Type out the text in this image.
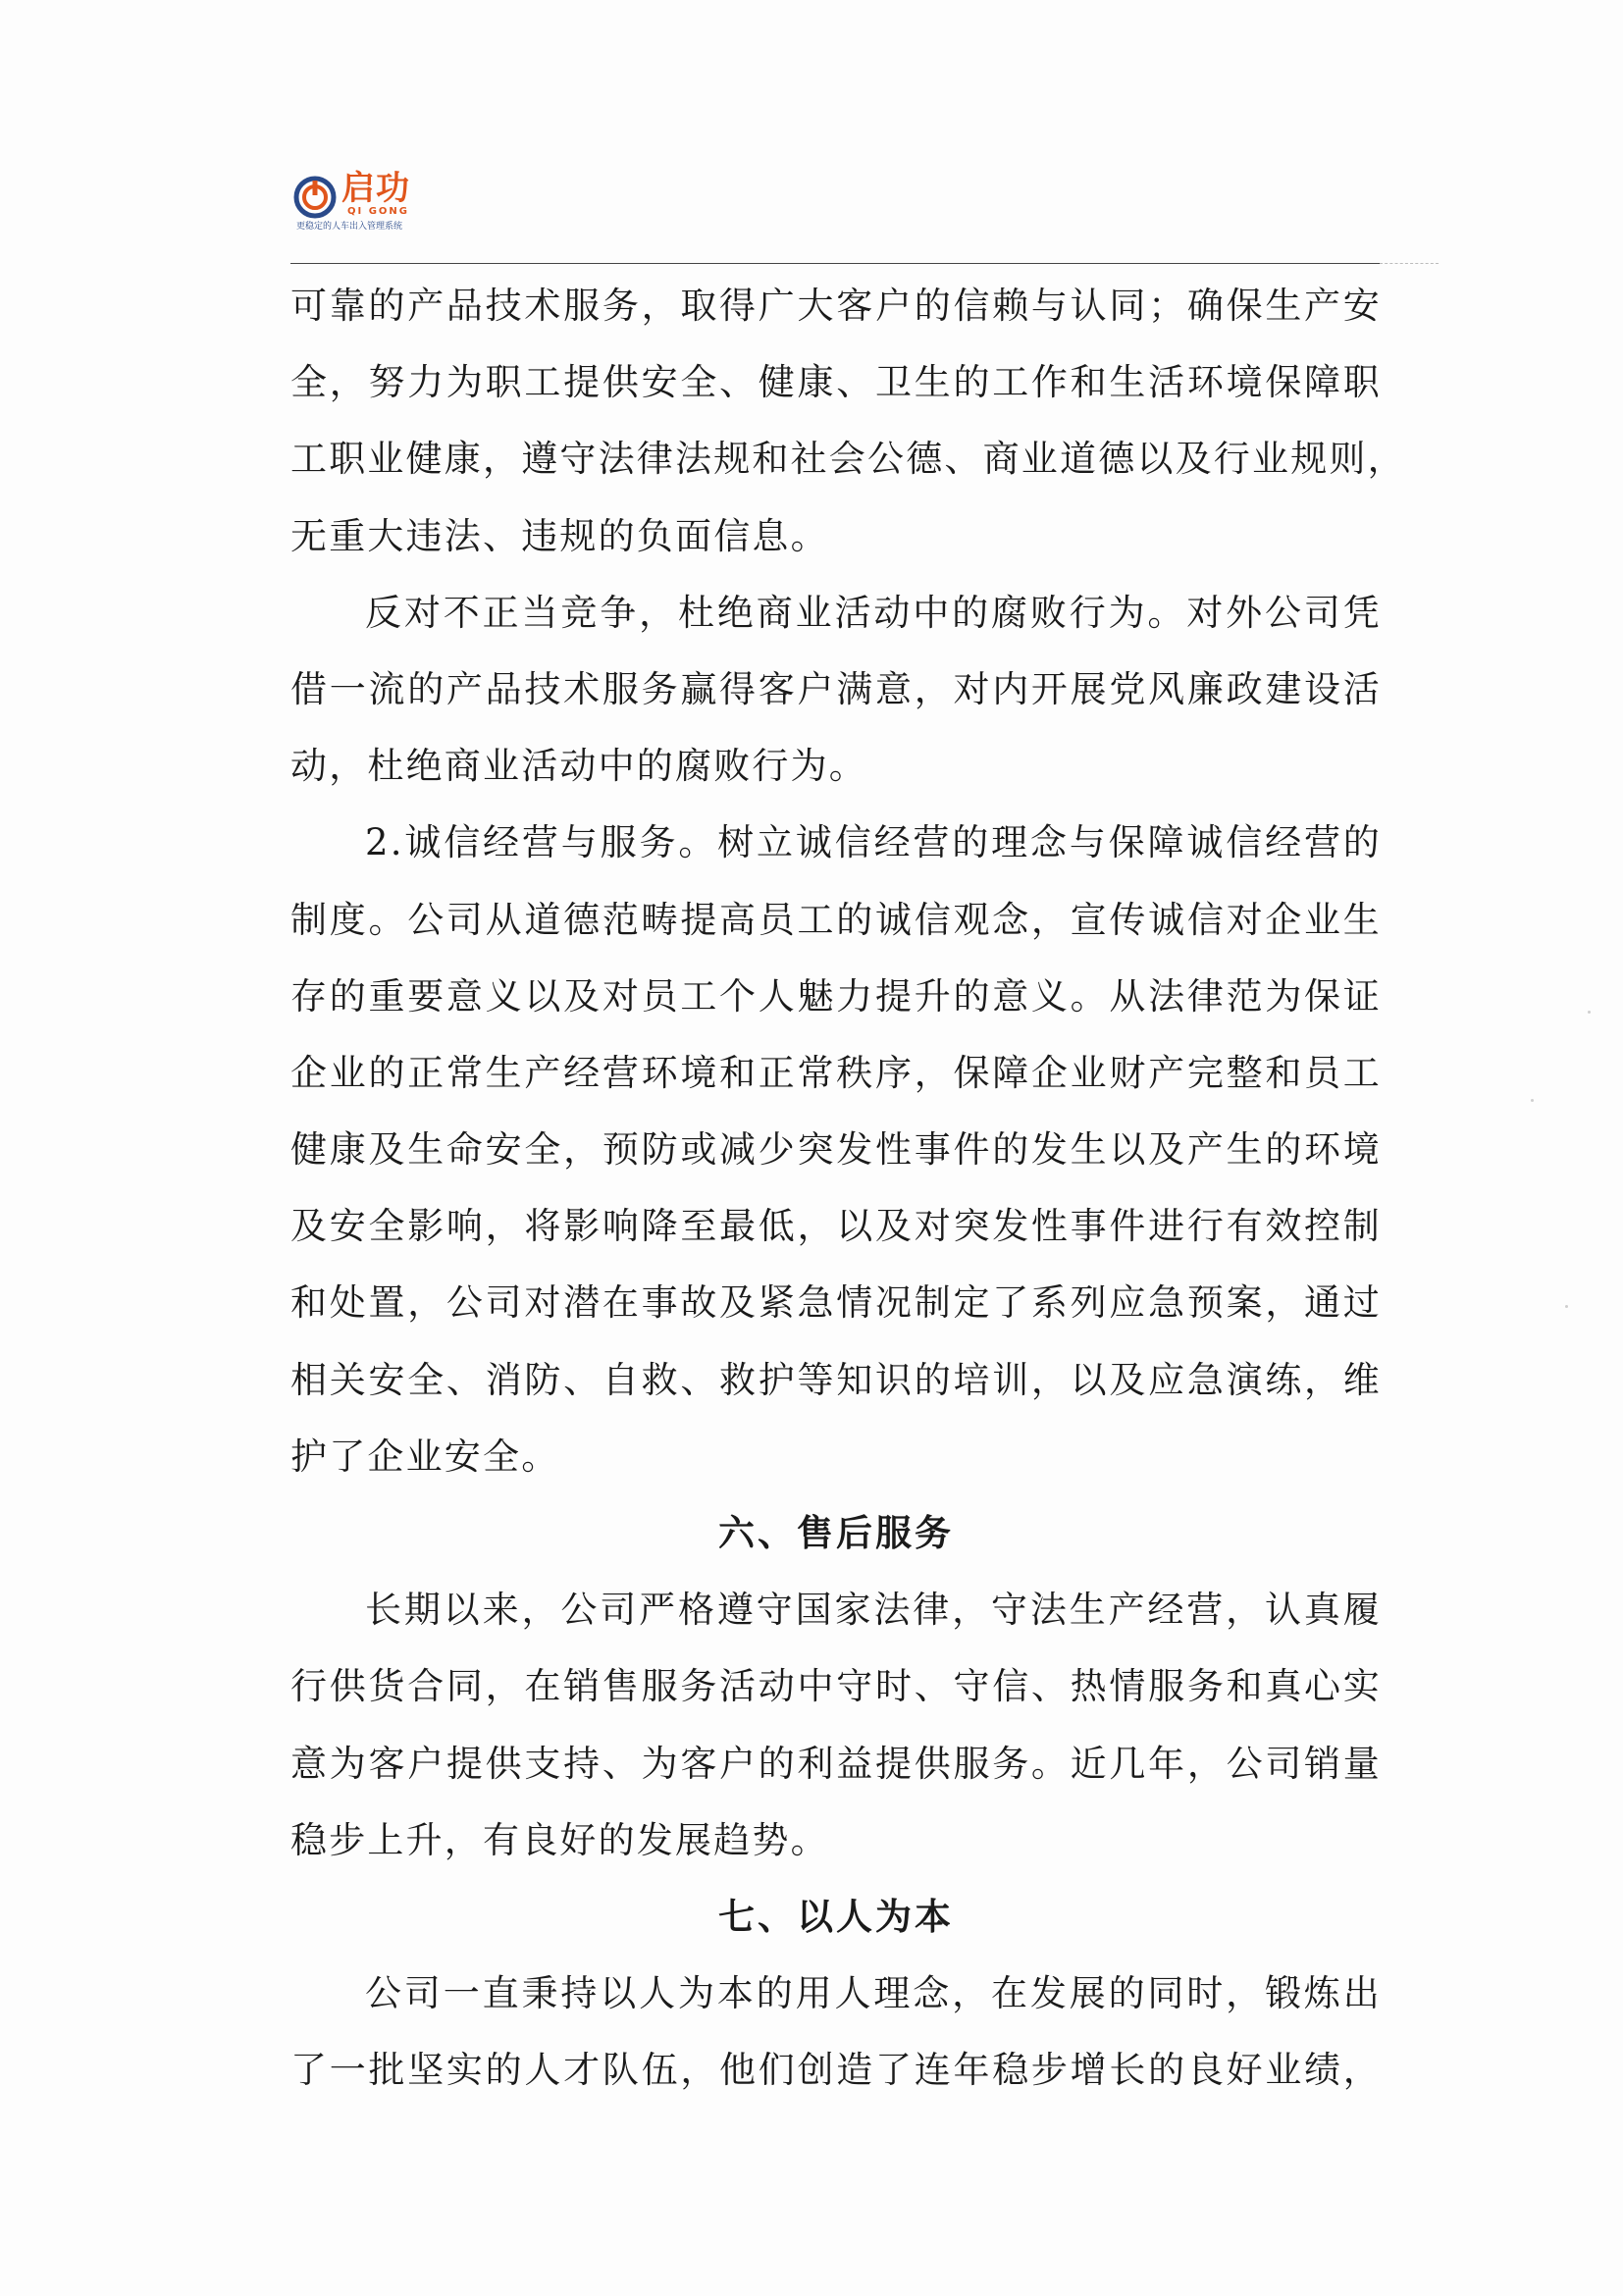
启功
QI GONG
更稳定的人车出入管理系统
可靠的产品技术服务，取得广大客户的信赖与认同；确保生产安
全，努力为职工提供安全、健康、卫生的工作和生活环境保障职
工职业健康，遵守法律法规和社会公德、商业道德以及行业规则，
无重大违法、违规的负面信息。
反对不正当竞争，杜绝商业活动中的腐败行为。对外公司凭
借一流的产品技术服务赢得客户满意，对内开展党风廉政建设活
动，杜绝商业活动中的腐败行为。
2.诚信经营与服务。树立诚信经营的理念与保障诚信经营的
制度。公司从道德范畴提高员工的诚信观念，宣传诚信对企业生
存的重要意义以及对员工个人魅力提升的意义。从法律范为保证
企业的正常生产经营环境和正常秩序，保障企业财产完整和员工
健康及生命安全，预防或减少突发性事件的发生以及产生的环境
及安全影响，将影响降至最低，以及对突发性事件进行有效控制
和处置，公司对潜在事故及紧急情况制定了系列应急预案，通过
相关安全、消防、自救、救护等知识的培训，以及应急演练，维
护了企业安全。
六、售后服务
长期以来，公司严格遵守国家法律，守法生产经营，认真履
行供货合同，在销售服务活动中守时、守信、热情服务和真心实
意为客户提供支持、为客户的利益提供服务。近几年，公司销量
稳步上升，有良好的发展趋势。
七、以人为本
公司一直秉持以人为本的用人理念，在发展的同时，锻炼出
了一批坚实的人才队伍，他们创造了连年稳步增长的良好业绩，
